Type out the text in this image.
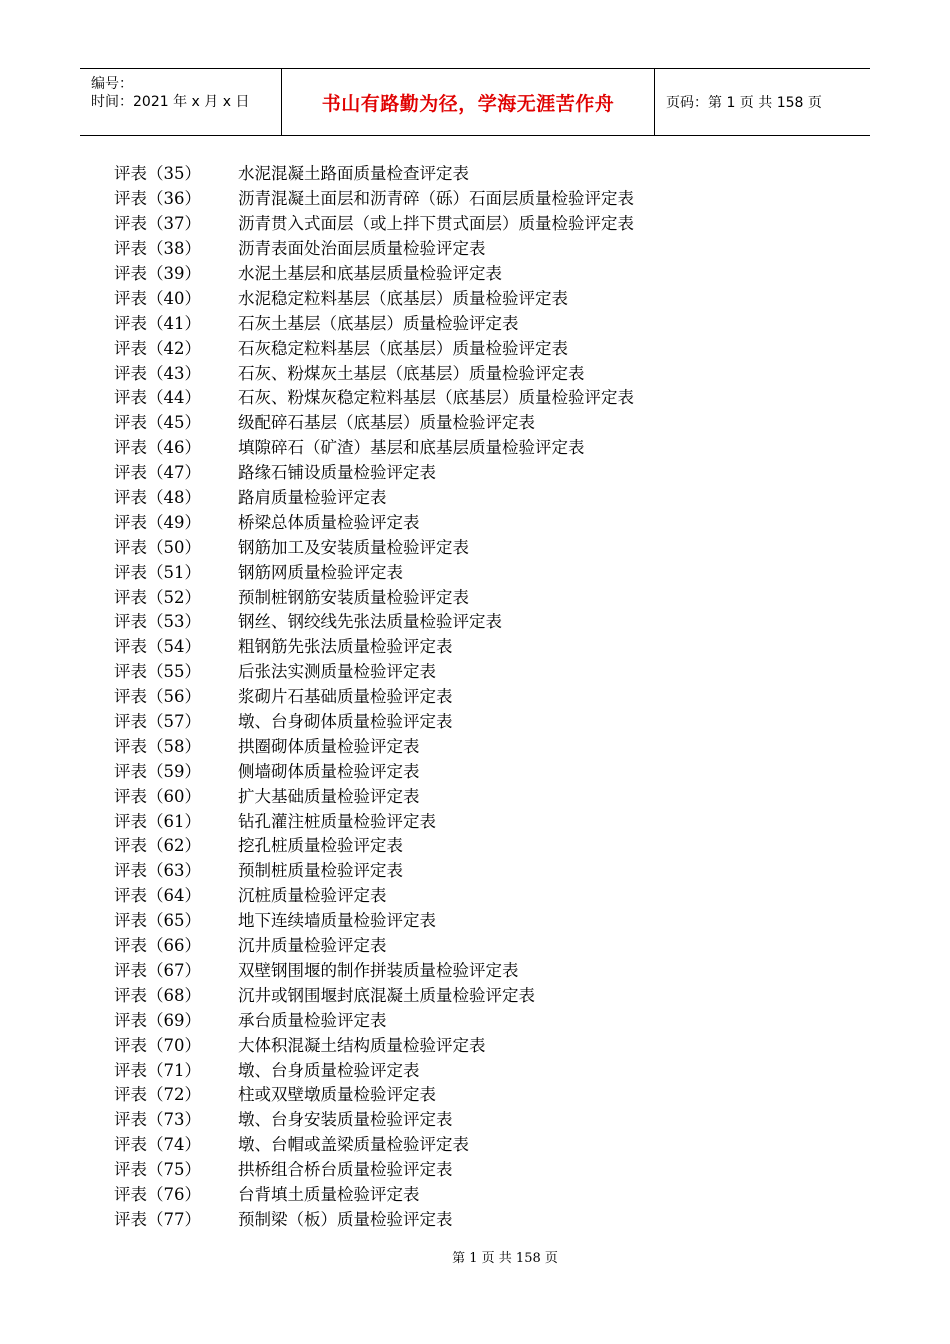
编号：
时间：2021 年 x 月 x 日	书山有路勤为径，学海无涯苦作舟	页码：第 1 页 共 158 页
评表（35）	水泥混凝土路面质量检查评定表
评表（36）	沥青混凝土面层和沥青碎（砾）石面层质量检验评定表
评表（37）	沥青贯入式面层（或上拌下贯式面层）质量检验评定表
评表（38）	沥青表面处治面层质量检验评定表
评表（39）	水泥土基层和底基层质量检验评定表
评表（40）	水泥稳定粒料基层（底基层）质量检验评定表
评表（41）	石灰土基层（底基层）质量检验评定表
评表（42）	石灰稳定粒料基层（底基层）质量检验评定表
评表（43）	石灰、粉煤灰土基层（底基层）质量检验评定表
评表（44）	石灰、粉煤灰稳定粒料基层（底基层）质量检验评定表
评表（45）	级配碎石基层（底基层）质量检验评定表
评表（46）	填隙碎石（矿渣）基层和底基层质量检验评定表
评表（47）	路缘石铺设质量检验评定表
评表（48）	路肩质量检验评定表
评表（49）	桥梁总体质量检验评定表
评表（50）	钢筋加工及安装质量检验评定表
评表（51）	钢筋网质量检验评定表
评表（52）	预制桩钢筋安装质量检验评定表
评表（53）	钢丝、钢绞线先张法质量检验评定表
评表（54）	粗钢筋先张法质量检验评定表
评表（55）	后张法实测质量检验评定表
评表（56）	浆砌片石基础质量检验评定表
评表（57）	墩、台身砌体质量检验评定表
评表（58）	拱圈砌体质量检验评定表
评表（59）	侧墙砌体质量检验评定表
评表（60）	扩大基础质量检验评定表
评表（61）	钻孔灌注桩质量检验评定表
评表（62）	挖孔桩质量检验评定表
评表（63）	预制桩质量检验评定表
评表（64）	沉桩质量检验评定表
评表（65）	地下连续墙质量检验评定表
评表（66）	沉井质量检验评定表
评表（67）	双壁钢围堰的制作拼装质量检验评定表
评表（68）	沉井或钢围堰封底混凝土质量检验评定表
评表（69）	承台质量检验评定表
评表（70）	大体积混凝土结构质量检验评定表
评表（71）	墩、台身质量检验评定表
评表（72）	柱或双壁墩质量检验评定表
评表（73）	墩、台身安装质量检验评定表
评表（74）	墩、台帽或盖梁质量检验评定表
评表（75）	拱桥组合桥台质量检验评定表
评表（76）	台背填土质量检验评定表
评表（77）	预制梁（板）质量检验评定表
第 1 页 共 158 页
